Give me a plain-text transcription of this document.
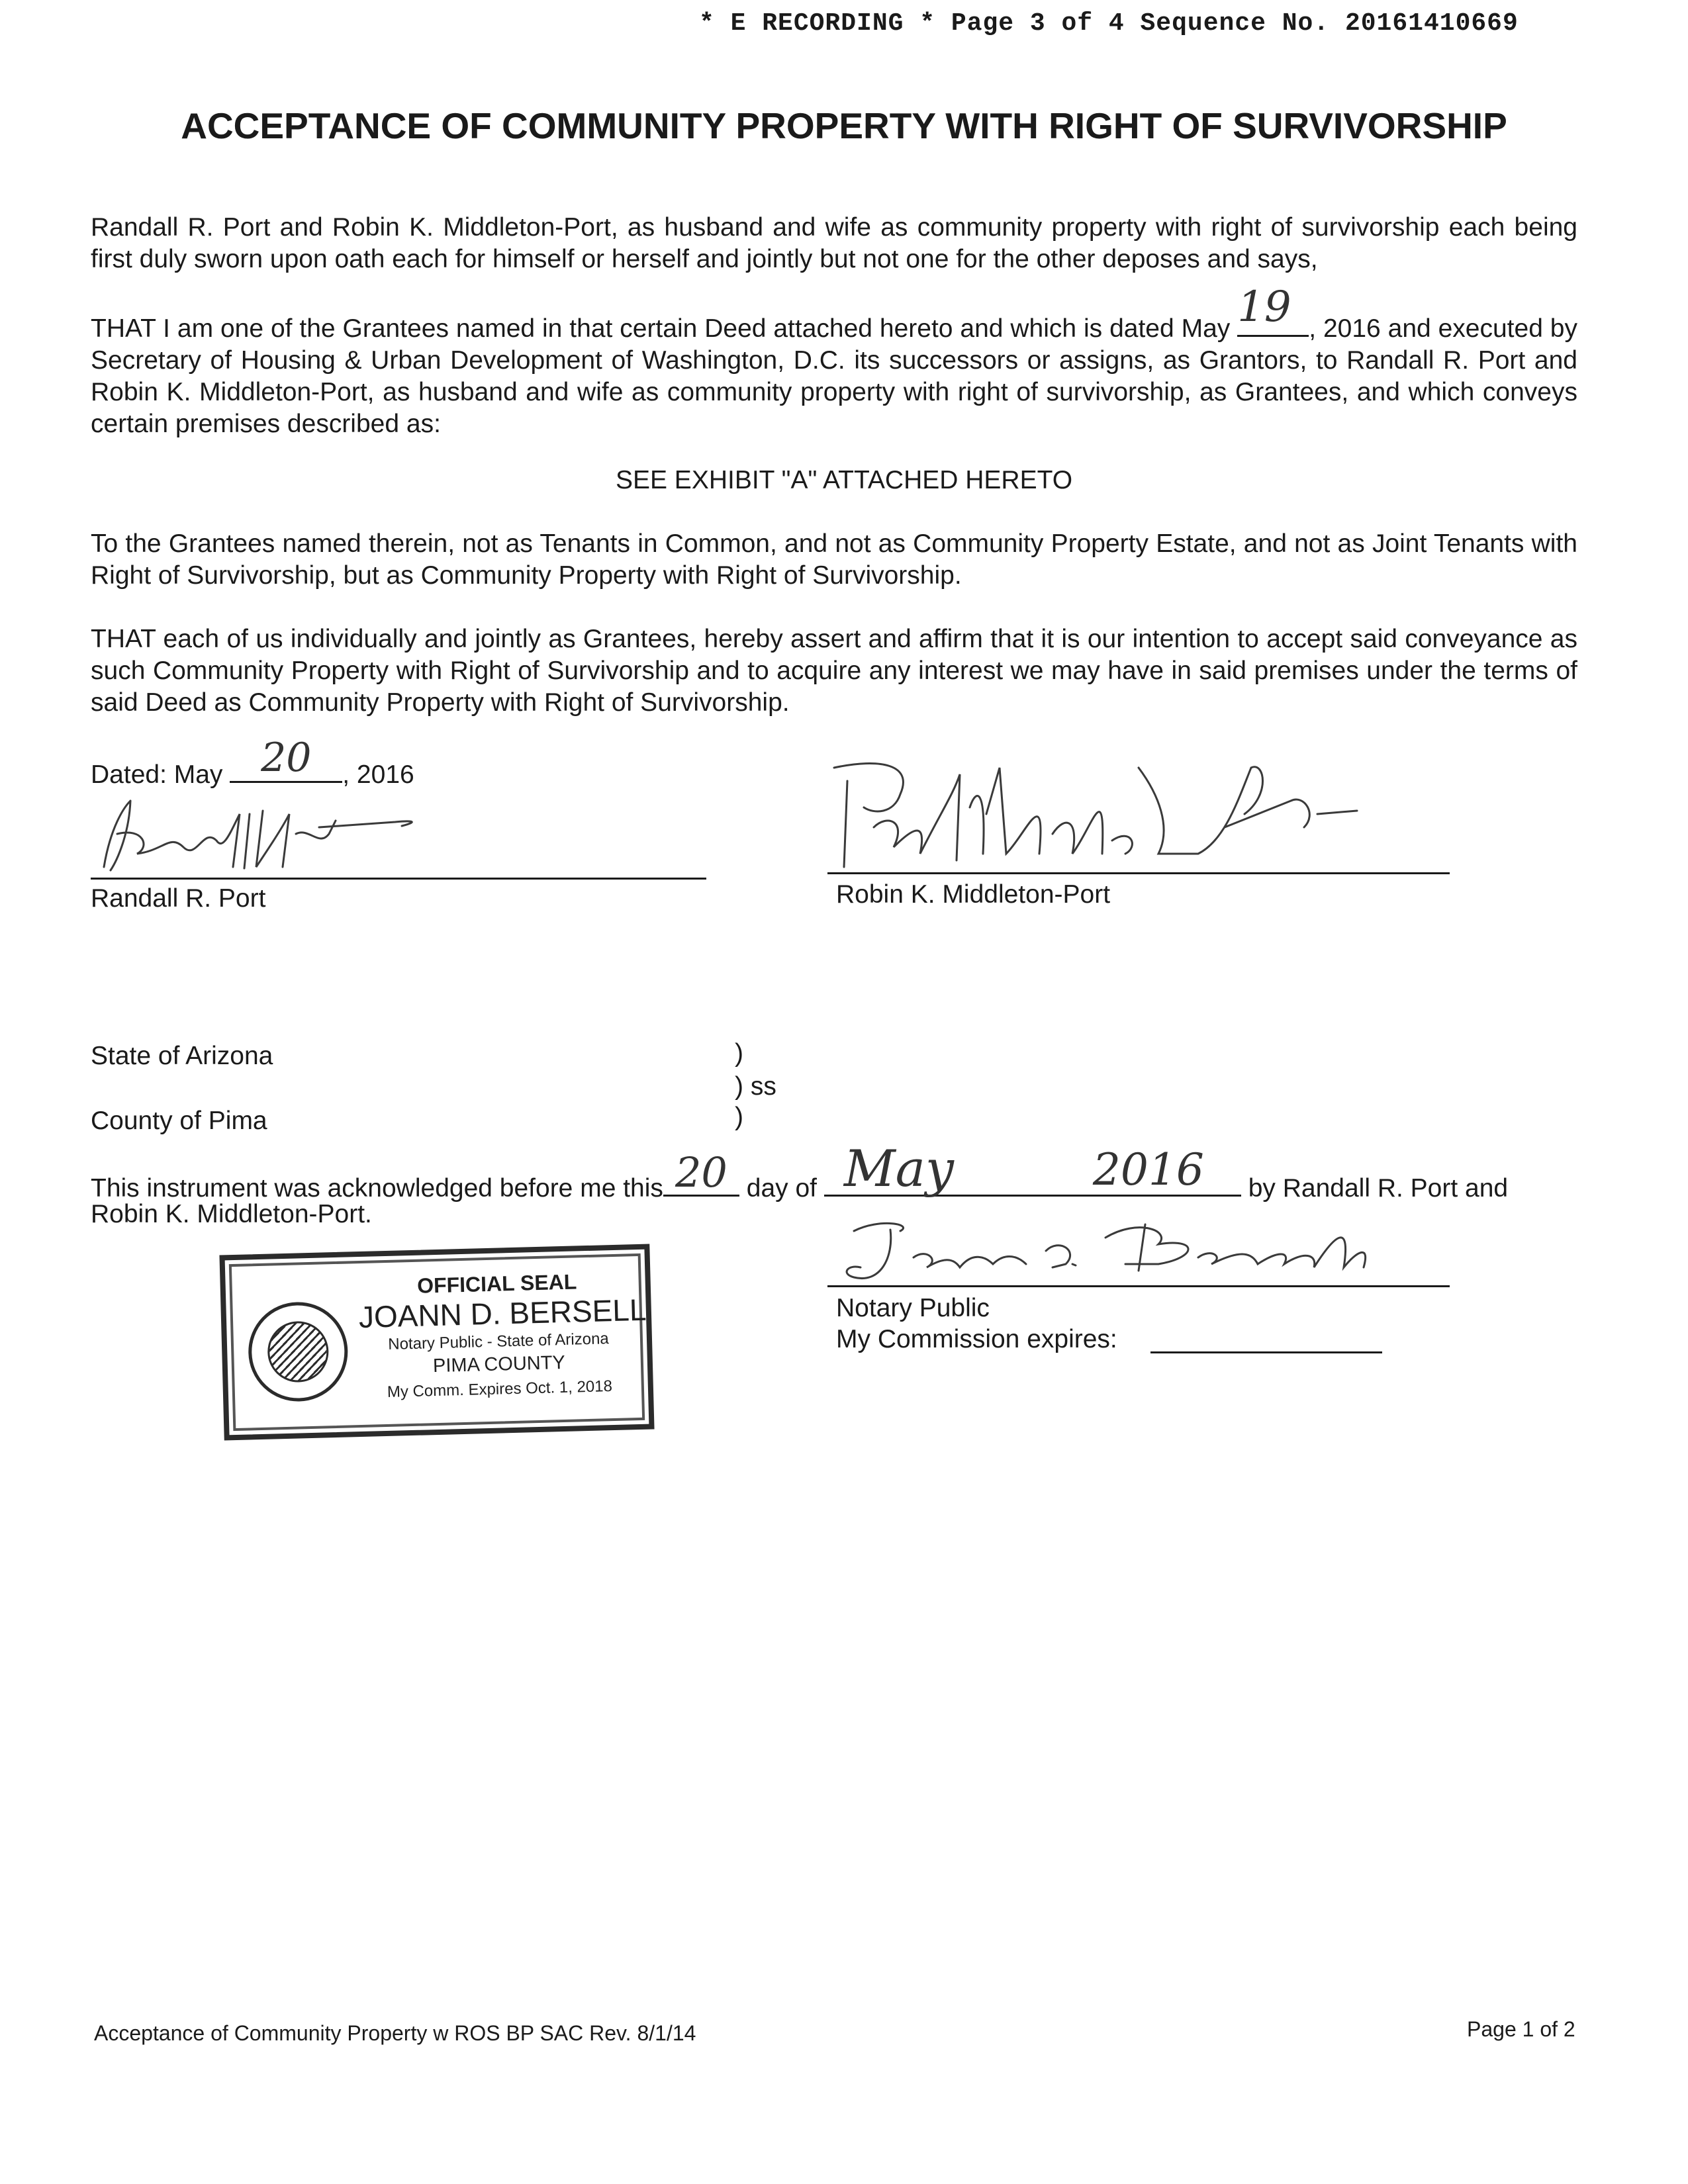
* E RECORDING * Page 3 of 4 Sequence No. 20161410669
ACCEPTANCE OF COMMUNITY PROPERTY WITH RIGHT OF SURVIVORSHIP
Randall R. Port and Robin K. Middleton-Port, as husband and wife as community property with right of survivorship each being first duly sworn upon oath each for himself or herself and jointly but not one for the other deposes and says,
THAT I am one of the Grantees named in that certain Deed attached hereto and which is dated May 19 , 2016 and executed by Secretary of Housing & Urban Development of Washington, D.C. its successors or assigns, as Grantors, to Randall R. Port and Robin K. Middleton-Port, as husband and wife as community property with right of survivorship, as Grantees, and which conveys certain premises described as:
SEE EXHIBIT "A" ATTACHED HERETO
To the Grantees named therein, not as Tenants in Common, and not as Community Property Estate, and not as Joint Tenants with Right of Survivorship, but as Community Property with Right of Survivorship.
THAT each of us individually and jointly as Grantees, hereby assert and affirm that it is our intention to accept said conveyance as such Community Property with Right of Survivorship and to acquire any interest we may have in said premises under the terms of said Deed as Community Property with Right of Survivorship.
Dated: May 20	, 2016
Randall R. Port	Robin K. Middleton-Port
State of Arizona	)
) ss
)
County of Pima
This instrument was acknowledged before me this 20 day of May	2016	by Randall R. Port and
Robin K. Middleton-Port.
Notary Public
My Commission expires:
OFFICIAL SEAL
JOANN D. BERSELL
Notary Public - State of Arizona
PIMA COUNTY
My Comm. Expires Oct. 1, 2018
Acceptance of Community Property w ROS BP SAC Rev. 8/1/14	Page 1 of 2
